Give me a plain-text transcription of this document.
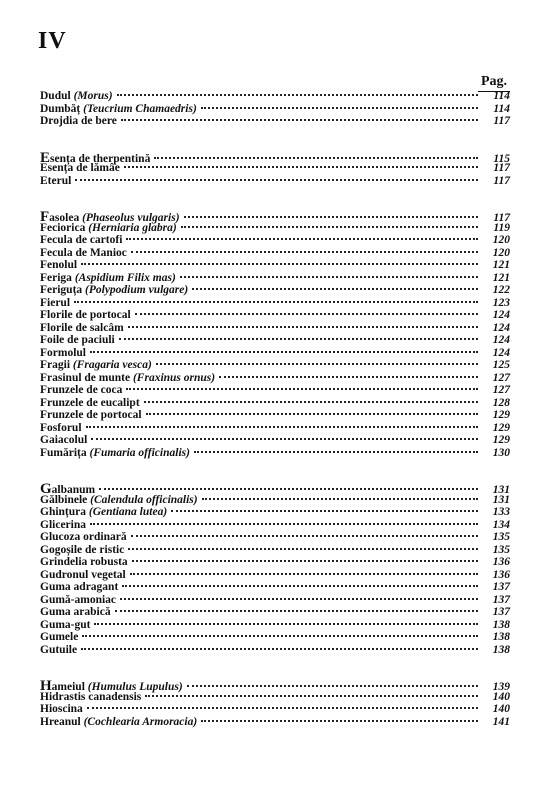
IV
Pag.
Dudul (Morus)	114
Dumbăț (Teucrium Chamaedris)	114
Drojdia de bere	117
Esența de therpentină	115
Esența de lămâe	117
Eterul	117
Fasolea (Phaseolus vulgaris)	117
Feciorica (Herniaria glabra)	119
Fecula de cartofi	120
Fecula de Manioc	120
Fenolul	121
Feriga (Aspidium Filix mas)	121
Feriguța (Polypodium vulgare)	122
Fierul	123
Florile de portocal	124
Florile de salcâm	124
Foile de paciuli	124
Formolul	124
Fragii (Fragaria vesca)	125
Frasinul de munte (Fraxinus ornus)	127
Frunzele de coca	127
Frunzele de eucalipt	128
Frunzele de portocal	129
Fosforul	129
Gaiacolul	129
Fumărița (Fumaria officinalis)	130
Galbanum	131
Gălbinele (Calendula officinalis)	131
Ghințura (Gentiana lutea)	133
Glicerina	134
Glucoza ordinară	135
Gogoșile de ristic	135
Grindelia robusta	136
Gudronul vegetal	136
Guma adragant	137
Gumă-amoniac	137
Guma arabică	137
Guma-gut	138
Gumele	138
Gutuile	138
Hameiul (Humulus Lupulus)	139
Hidrastis canadensis	140
Hioscina	140
Hreanul (Cochlearia Armoracia)	141
